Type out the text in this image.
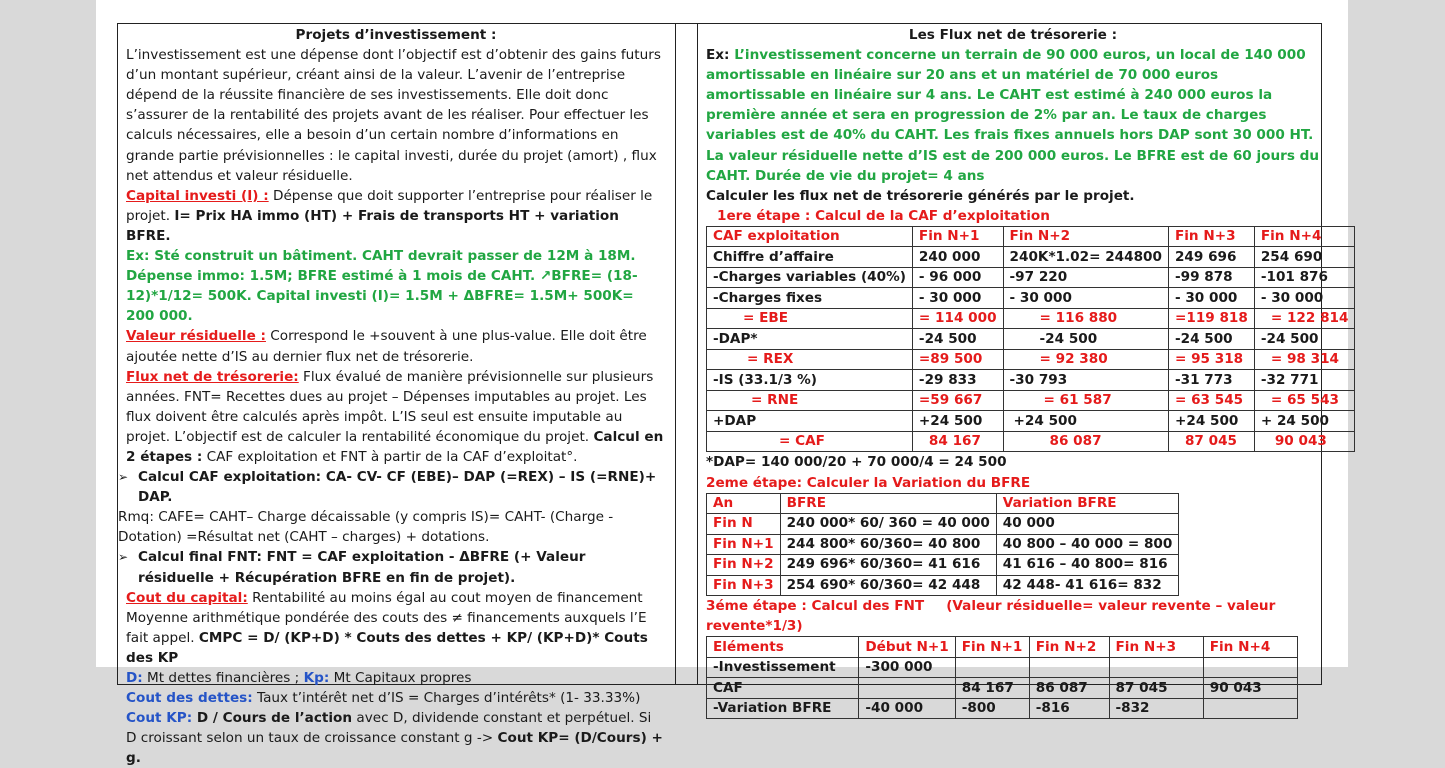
Projets d’investissement :

L’investissement est une dépense dont l’objectif est d’obtenir des gains futurs d’un montant supérieur, créant ainsi de la valeur. L’avenir de l’entreprise dépend de la réussite financière de ses investissements. Elle doit donc s’assurer de la rentabilité des projets avant de les réaliser. Pour effectuer les calculs nécessaires, elle a besoin d’un certain nombre d’informations en grande partie prévisionnelles : le capital investi, durée du projet (amort) , flux net attendus et valeur résiduelle.

Capital investi (I) : Dépense que doit supporter l’entreprise pour réaliser le projet. I= Prix HA immo (HT) + Frais de transports HT + variation BFRE.

Ex: Sté construit un bâtiment. CAHT devrait passer de 12M à 18M. Dépense immo: 1.5M; BFRE estimé à 1 mois de CAHT. ↗BFRE= (18-12)*1/12= 500K. Capital investi (I)= 1.5M + ΔBFRE= 1.5M+ 500K= 200 000.

Valeur résiduelle : Correspond le +souvent à une plus-value. Elle doit être ajoutée nette d’IS au dernier flux net de trésorerie.

Flux net de trésorerie: Flux évalué de manière prévisionnelle sur plusieurs années. FNT= Recettes dues au projet – Dépenses imputables au projet. Les flux doivent être calculés après impôt. L’IS seul est ensuite imputable au projet. L’objectif est de calculer la rentabilité économique du projet. Calcul en 2 étapes : CAF exploitation et FNT à partir de la CAF d’exploitat°.

➢ Calcul CAF exploitation: CA- CV- CF (EBE)– DAP (=REX) – IS (=RNE)+ DAP.

Rmq: CAFE= CAHT– Charge décaissable (y compris IS)= CAHT- (Charge - Dotation) =Résultat net (CAHT – charges) + dotations.

➢ Calcul final FNT: FNT = CAF exploitation - ΔBFRE (+ Valeur résiduelle + Récupération BFRE en fin de projet).

Cout du capital: Rentabilité au moins égal au cout moyen de financement Moyenne arithmétique pondérée des couts des ≠ financements auxquels l’E fait appel. CMPC = D/ (KP+D) * Couts des dettes + KP/ (KP+D)* Couts des KP

D: Mt dettes financières ; Kp: Mt Capitaux propres

Cout des dettes: Taux t’intérêt net d’IS = Charges d’intérêts* (1- 33.33%)

Cout KP: D / Cours de l’action avec D, dividende constant et perpétuel. Si D croissant selon un taux de croissance constant g -> Cout KP= (D/Cours) + g.

Les Flux net de trésorerie :

Ex: L’investissement concerne un terrain de 90 000 euros, un local de 140 000 amortissable en linéaire sur 20 ans et un matériel de 70 000 euros amortissable en linéaire sur 4 ans. Le CAHT est estimé à 240 000 euros la première année et sera en progression de 2% par an. Le taux de charges variables est de 40% du CAHT. Les frais fixes annuels hors DAP sont 30 000 HT. La valeur résiduelle nette d’IS est de 200 000 euros. Le BFRE est de 60 jours du CAHT. Durée de vie du projet= 4 ans

Calculer les flux net de trésorerie générés par le projet.

1ere étape : Calcul de la CAF d’exploitation
CAF exploitation	Fin N+1	Fin N+2	Fin N+3	Fin N+4
Chiffre d’affaire	240 000	240K*1.02= 244800	249 696	254 690
-Charges variables (40%)	- 96 000	-97 220	-99 878	-101 876
-Charges fixes	- 30 000	- 30 000	- 30 000	- 30 000
= EBE	= 114 000	= 116 880	=119 818	= 122 814
-DAP*	-24 500	-24 500	-24 500	-24 500
= REX	=89 500	= 92 380	= 95 318	= 98 314
-IS (33.1/3 %)	-29 833	-30 793	-31 773	-32 771
= RNE	=59 667	= 61 587	= 63 545	= 65 543
+DAP	+24 500	+24 500	+24 500	+ 24 500
= CAF	84 167	86 087	87 045	90 043
*DAP= 140 000/20 + 70 000/4 = 24 500
2eme étape: Calculer la Variation du BFRE
An	BFRE	Variation BFRE
Fin N	240 000* 60/ 360 = 40 000	40 000
Fin N+1	244 800* 60/360= 40 800	40 800 – 40 000 = 800
Fin N+2	249 696* 60/360= 41 616	41 616 – 40 800= 816
Fin N+3	254 690* 60/360= 42 448	42 448- 41 616= 832
3éme étape : Calcul des FNT (Valeur résiduelle= valeur revente – valeur revente*1/3)
Eléments	Début N+1	Fin N+1	Fin N+2	Fin N+3	Fin N+4
-Investissement	-300 000				
CAF		84 167	86 087	87 045	90 043
-Variation BFRE	-40 000	-800	-816	-832	
